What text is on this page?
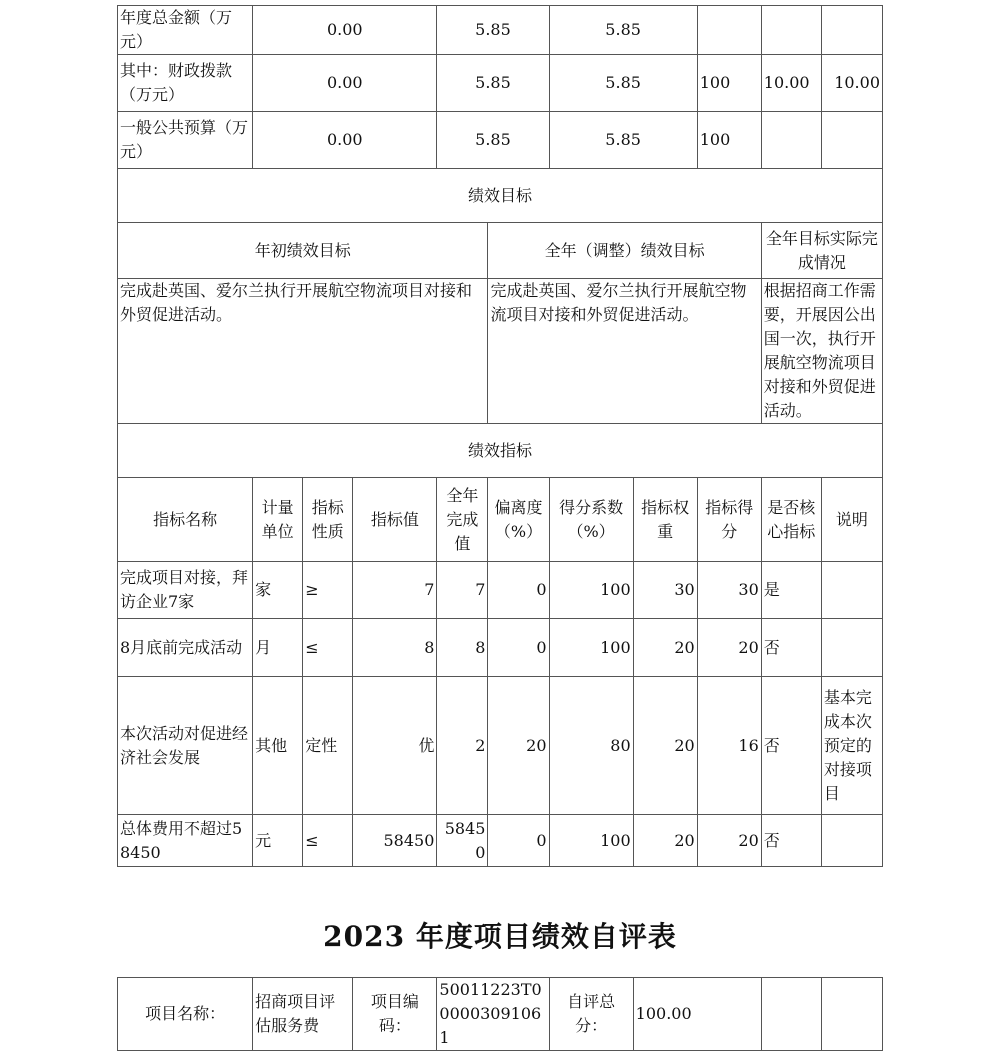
年度总金额（万元）	0.00			5.85		5.85				
其中：财政拨款（万元）	0.00			5.85		5.85		100	10.00	10.00
一般公共预算（万元）	0.00			5.85		5.85		100		
绩效目标										
年初绩效目标					全年（调整）绩效目标				全年目标实际完成情况	
完成赴英国、爱尔兰执行开展航空物流项目对接和外贸促进活动。					完成赴英国、爱尔兰执行开展航空物流项目对接和外贸促进活动。				根据招商工作需要，开展因公出国一次，执行开展航空物流项目对接和外贸促进活动。	
绩效指标										
指标名称	计量单位	指标性质	指标值	全年完成值	偏离度（%）	得分系数（%）	指标权重	指标得分	是否核心指标	说明
完成项目对接，拜访企业7家	家	≥	7	7	0	100	30	30	是	
8月底前完成活动	月	≤	8	8	0	100	20	20	否	
本次活动对促进经济社会发展	其他	定性	优	2	20	80	20	16	否	基本完成本次预定的对接项目
总体费用不超过58450	元	≤	58450	58450	0	100	20	20	否	
2023 年度项目绩效自评表
项目名称：	招商项目评估服务费	项目编码：	50011223T000003091061	自评总分：	100.00		
